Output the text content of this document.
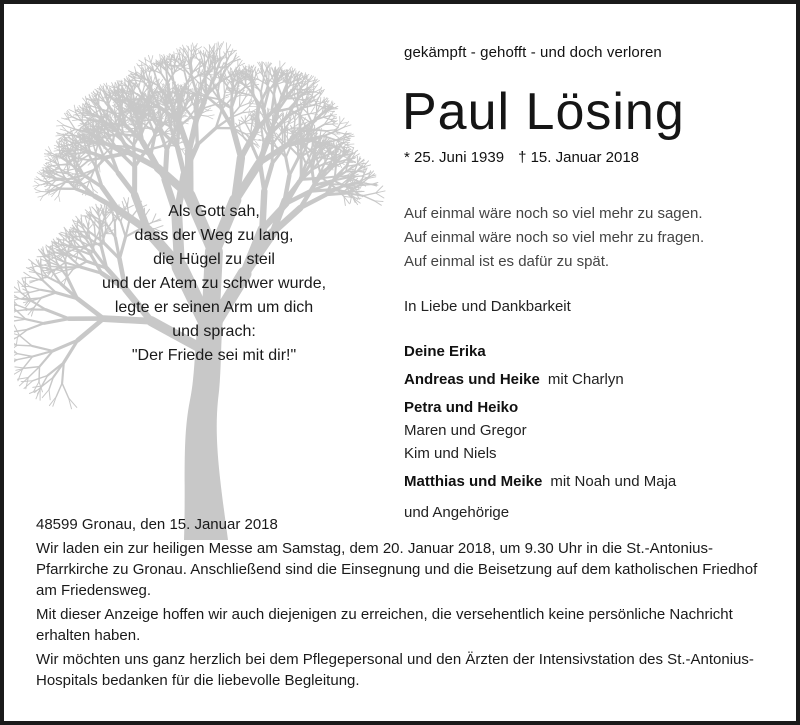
gekämpft - gehofft - und doch verloren
Paul Lösing
* 25. Juni 1939 † 15. Januar 2018
Auf einmal wäre noch so viel mehr zu sagen.
Auf einmal wäre noch so viel mehr zu fragen.
Auf einmal ist es dafür zu spät.
Als Gott sah,
dass der Weg zu lang,
die Hügel zu steil
und der Atem zu schwer wurde,
legte er seinen Arm um dich
und sprach:
"Der Friede sei mit dir!"
In Liebe und Dankbarkeit
Deine Erika
Andreas und Heike mit Charlyn
Petra und Heiko
Maren und Gregor
Kim und Niels
Matthias und Meike mit Noah und Maja
und Angehörige

48599 Gronau, den 15. Januar 2018

Wir laden ein zur heiligen Messe am Samstag, dem 20. Januar 2018, um 9.30 Uhr in die St.-Antonius-Pfarrkirche zu Gronau. Anschließend sind die Einsegnung und die Beisetzung auf dem katholischen Friedhof am Friedensweg.

Mit dieser Anzeige hoffen wir auch diejenigen zu erreichen, die versehentlich keine persönliche Nachricht erhalten haben.

Wir möchten uns ganz herzlich bei dem Pflegepersonal und den Ärzten der Intensivstation des St.-Antonius-Hospitals bedanken für die liebevolle Begleitung.
